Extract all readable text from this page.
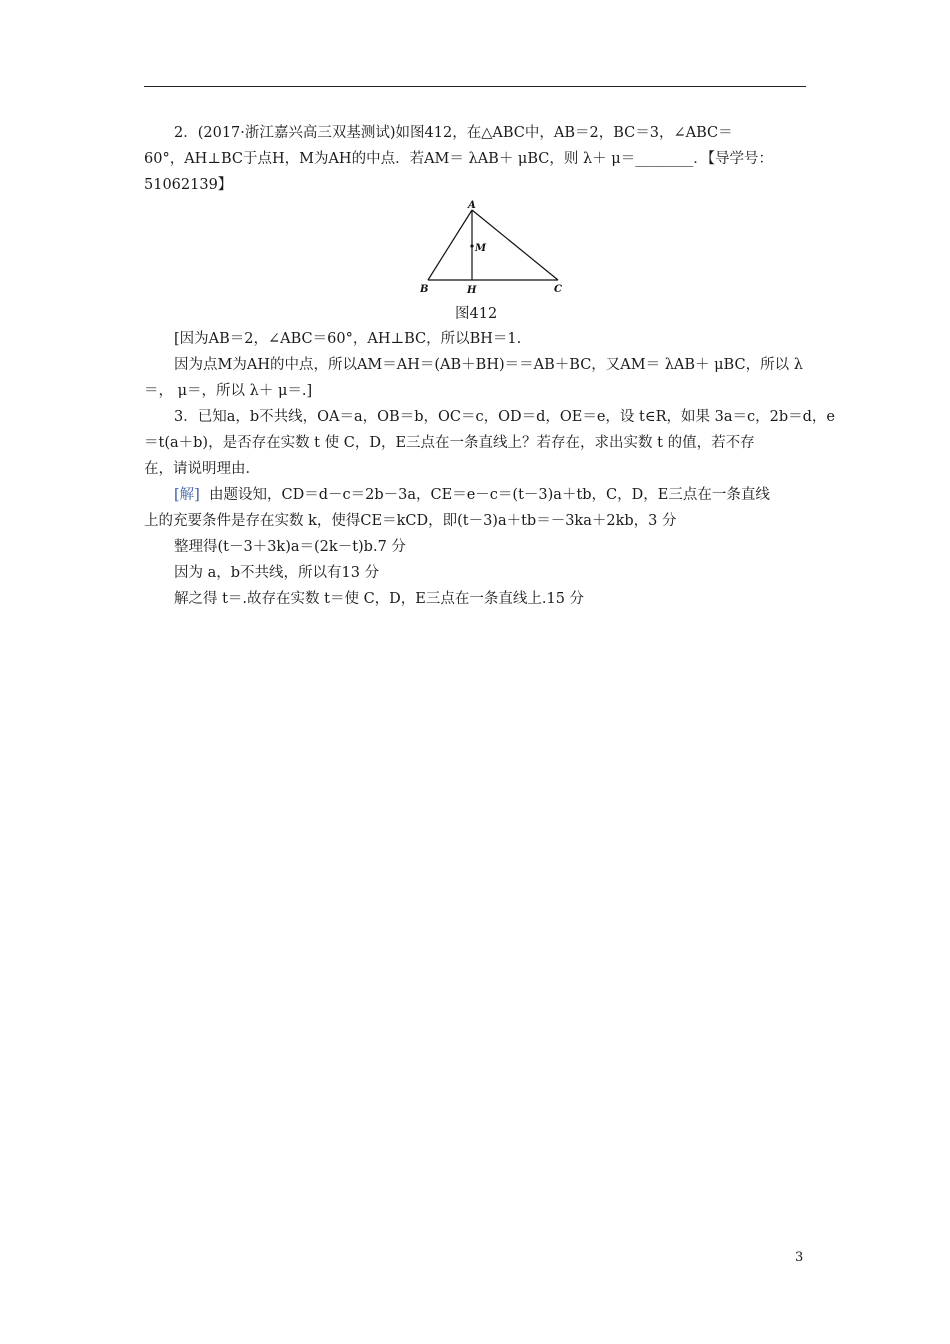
2．(2017·浙江嘉兴高三双基测试)如图412，在△ABC中，AB＝2，BC＝3，∠ABC＝
60°，AH⊥BC于点H，M为AH的中点．若AM＝ λAB＋ μBC，则 λ＋ μ＝________．【导学号：
51062139】
A
B	C
H
M
图412
[因为AB＝2，∠ABC＝60°，AH⊥BC，所以BH＝1.
因为点M为AH的中点，所以AM＝AH＝(AB＋BH)＝＝AB＋BC，又AM＝ λAB＋ μBC，所以 λ
＝， μ＝，所以 λ＋ μ＝.]
3．已知a，b不共线，OA＝a，OB＝b，OC＝c，OD＝d，OE＝e，设 t∈R，如果 3a＝c，2b＝d，e
＝t(a＋b)，是否存在实数 t 使 C，D，E三点在一条直线上？若存在，求出实数 t 的值，若不存
在，请说明理由．
[解] 由题设知，CD＝d－c＝2b－3a，CE＝e－c＝(t－3)a＋tb，C，D，E三点在一条直线
上的充要条件是存在实数 k，使得CE＝kCD，即(t－3)a＋tb＝－3ka＋2kb，3 分
整理得(t－3＋3k)a＝(2k－t)b.7 分
因为 a，b不共线，所以有13 分
解之得 t＝.故存在实数 t＝使 C，D，E三点在一条直线上.15 分
3
